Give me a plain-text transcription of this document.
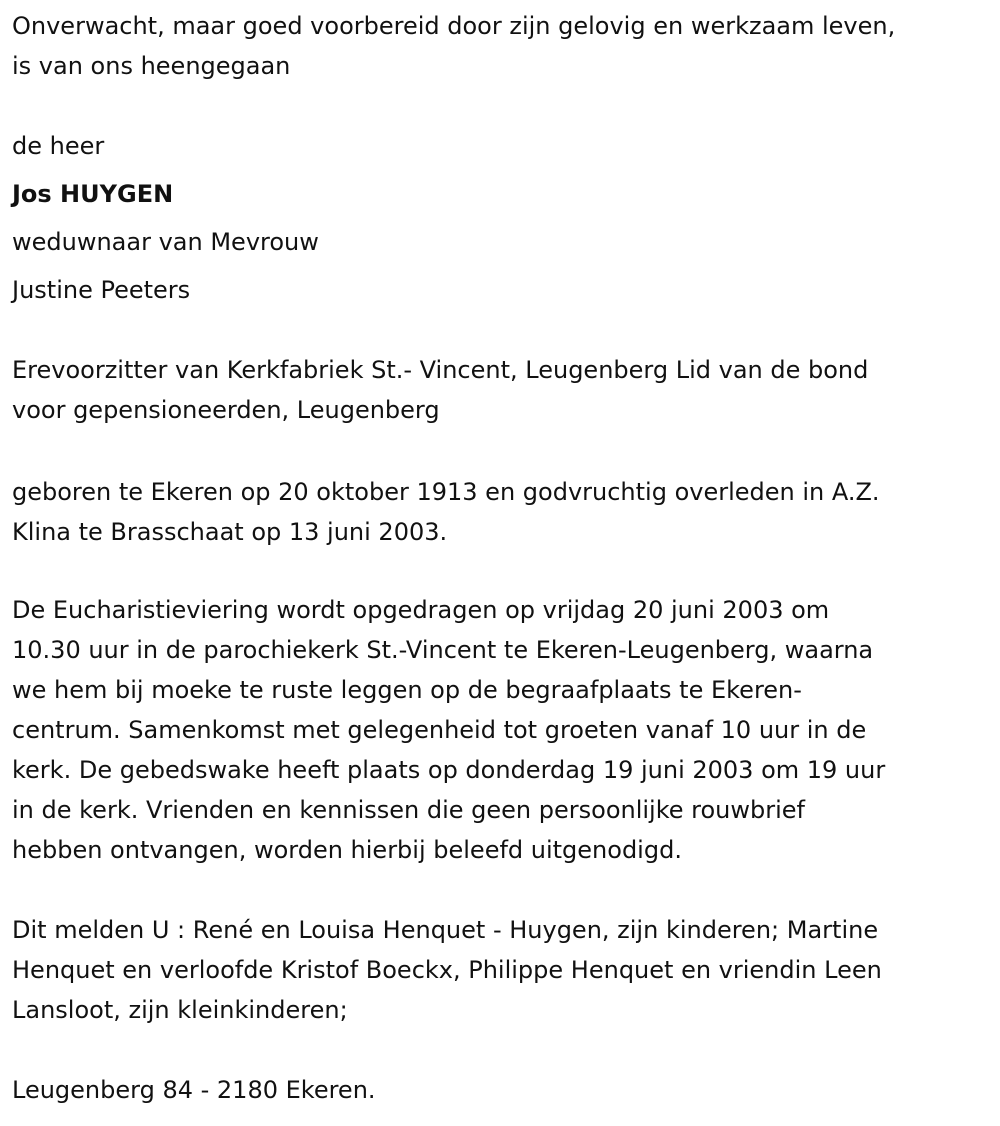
Onverwacht, maar goed voorbereid door zijn gelovig en werkzaam leven,
is van ons heengegaan

de heer

Jos HUYGEN

weduwnaar van Mevrouw

Justine Peeters

Erevoorzitter van Kerkfabriek St.- Vincent, Leugenberg Lid van de bond
voor gepensioneerden, Leugenberg

geboren te Ekeren op 20 oktober 1913 en godvruchtig overleden in A.Z.
Klina te Brasschaat op 13 juni 2003.

De Eucharistieviering wordt opgedragen op vrijdag 20 juni 2003 om
10.30 uur in de parochiekerk St.-Vincent te Ekeren-Leugenberg, waarna
we hem bij moeke te ruste leggen op de begraafplaats te Ekeren-
centrum. Samenkomst met gelegenheid tot groeten vanaf 10 uur in de
kerk. De gebedswake heeft plaats op donderdag 19 juni 2003 om 19 uur
in de kerk. Vrienden en kennissen die geen persoonlijke rouwbrief
hebben ontvangen, worden hierbij beleefd uitgenodigd.

Dit melden U : René en Louisa Henquet - Huygen, zijn kinderen; Martine
Henquet en verloofde Kristof Boeckx, Philippe Henquet en vriendin Leen
Lansloot, zijn kleinkinderen;

Leugenberg 84 - 2180 Ekeren.
